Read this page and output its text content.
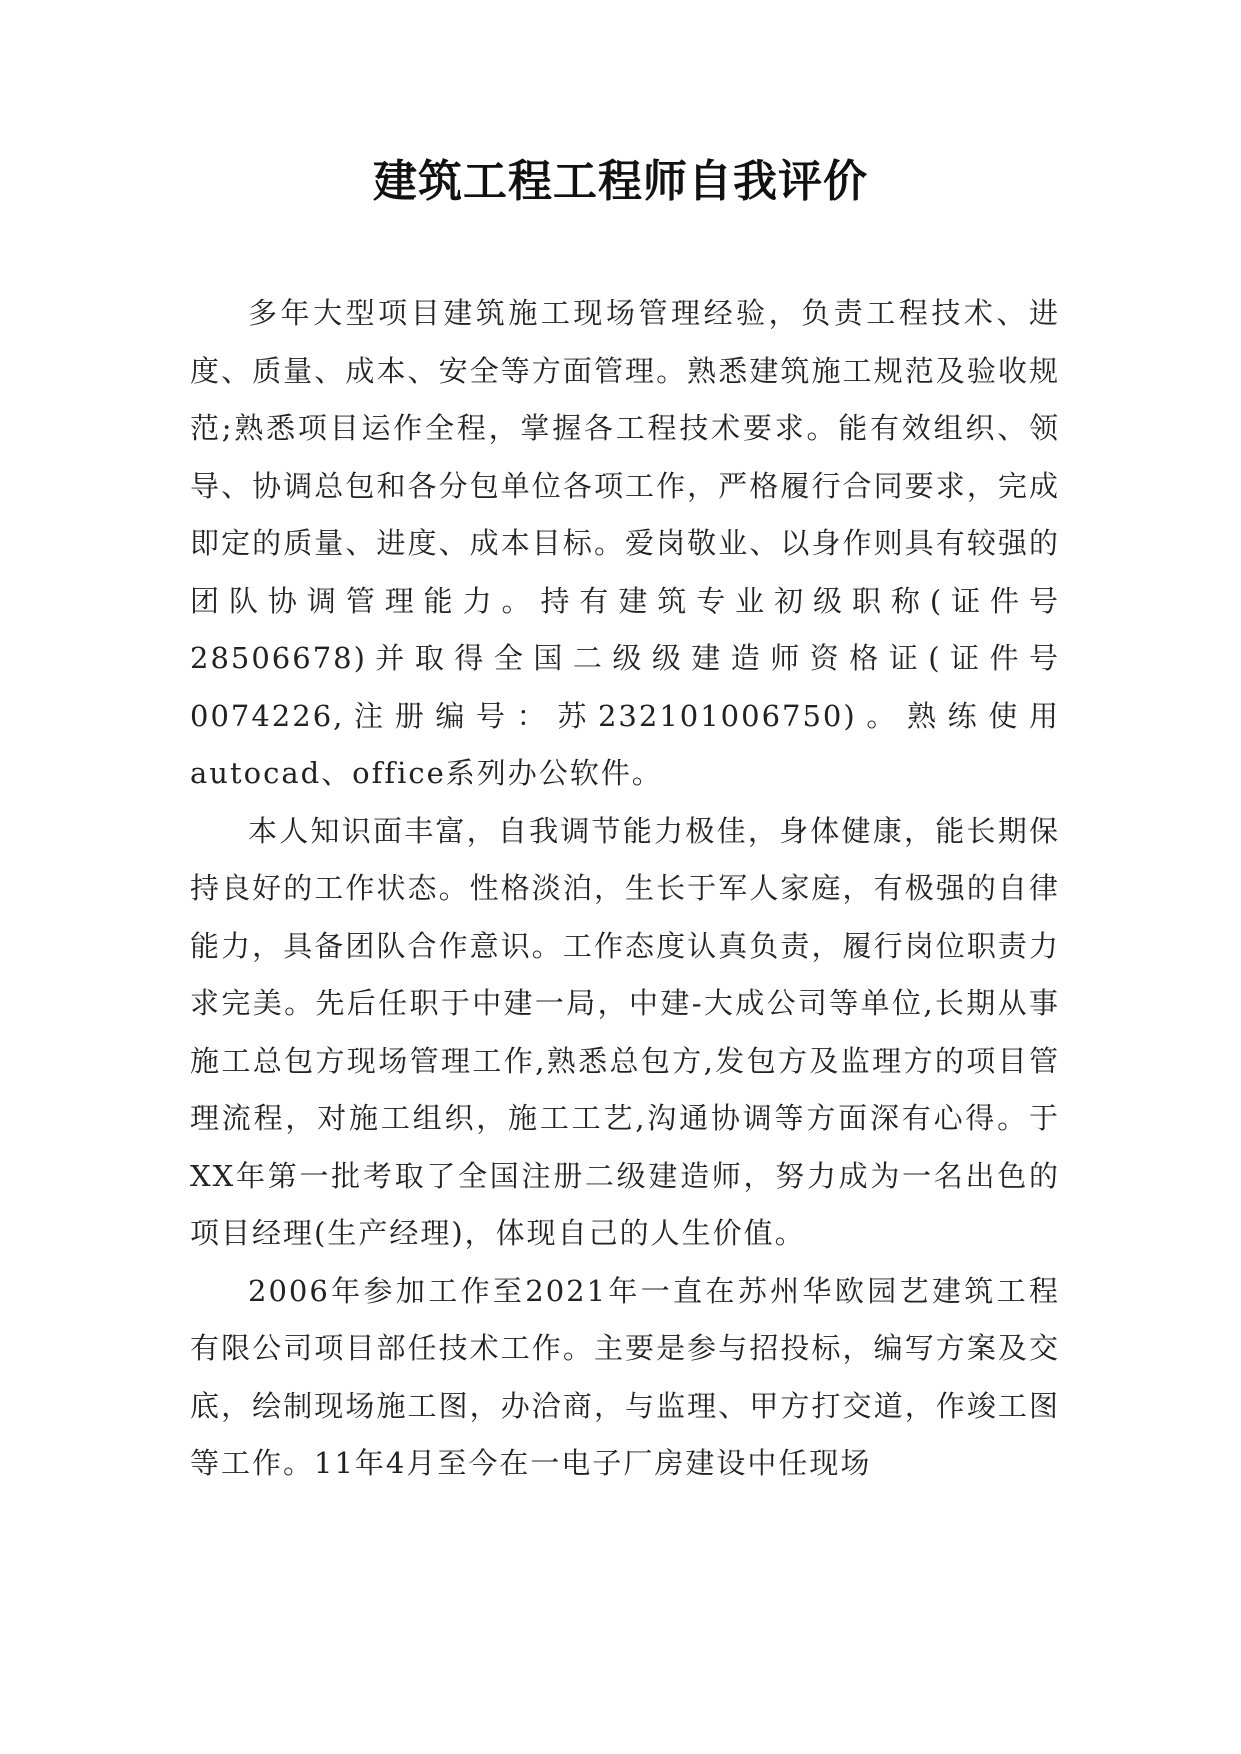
建筑工程工程师自我评价

多年大型项目建筑施工现场管理经验，负责工程技术、进度、质量、成本、安全等方面管理。熟悉建筑施工规范及验收规范;熟悉项目运作全程，掌握各工程技术要求。能有效组织、领导、协调总包和各分包单位各项工作，严格履行合同要求，完成即定的质量、进度、成本目标。爱岗敬业、以身作则具有较强的团队协调管理能力。持有建筑专业初级职称(证件号28506678)并取得全国二级级建造师资格证(证件号0074226,注册编号：苏232101006750)。熟练使用autocad、office系列办公软件。

本人知识面丰富，自我调节能力极佳，身体健康，能长期保持良好的工作状态。性格淡泊，生长于军人家庭，有极强的自律能力，具备团队合作意识。工作态度认真负责，履行岗位职责力求完美。先后任职于中建一局，中建-大成公司等单位,长期从事施工总包方现场管理工作,熟悉总包方,发包方及监理方的项目管理流程，对施工组织，施工工艺,沟通协调等方面深有心得。于XX年第一批考取了全国注册二级建造师，努力成为一名出色的项目经理(生产经理)，体现自己的人生价值。

2006年参加工作至2021年一直在苏州华欧园艺建筑工程有限公司项目部任技术工作。主要是参与招投标，编写方案及交底，绘制现场施工图，办洽商，与监理、甲方打交道，作竣工图等工作。11年4月至今在一电子厂房建设中任现场
